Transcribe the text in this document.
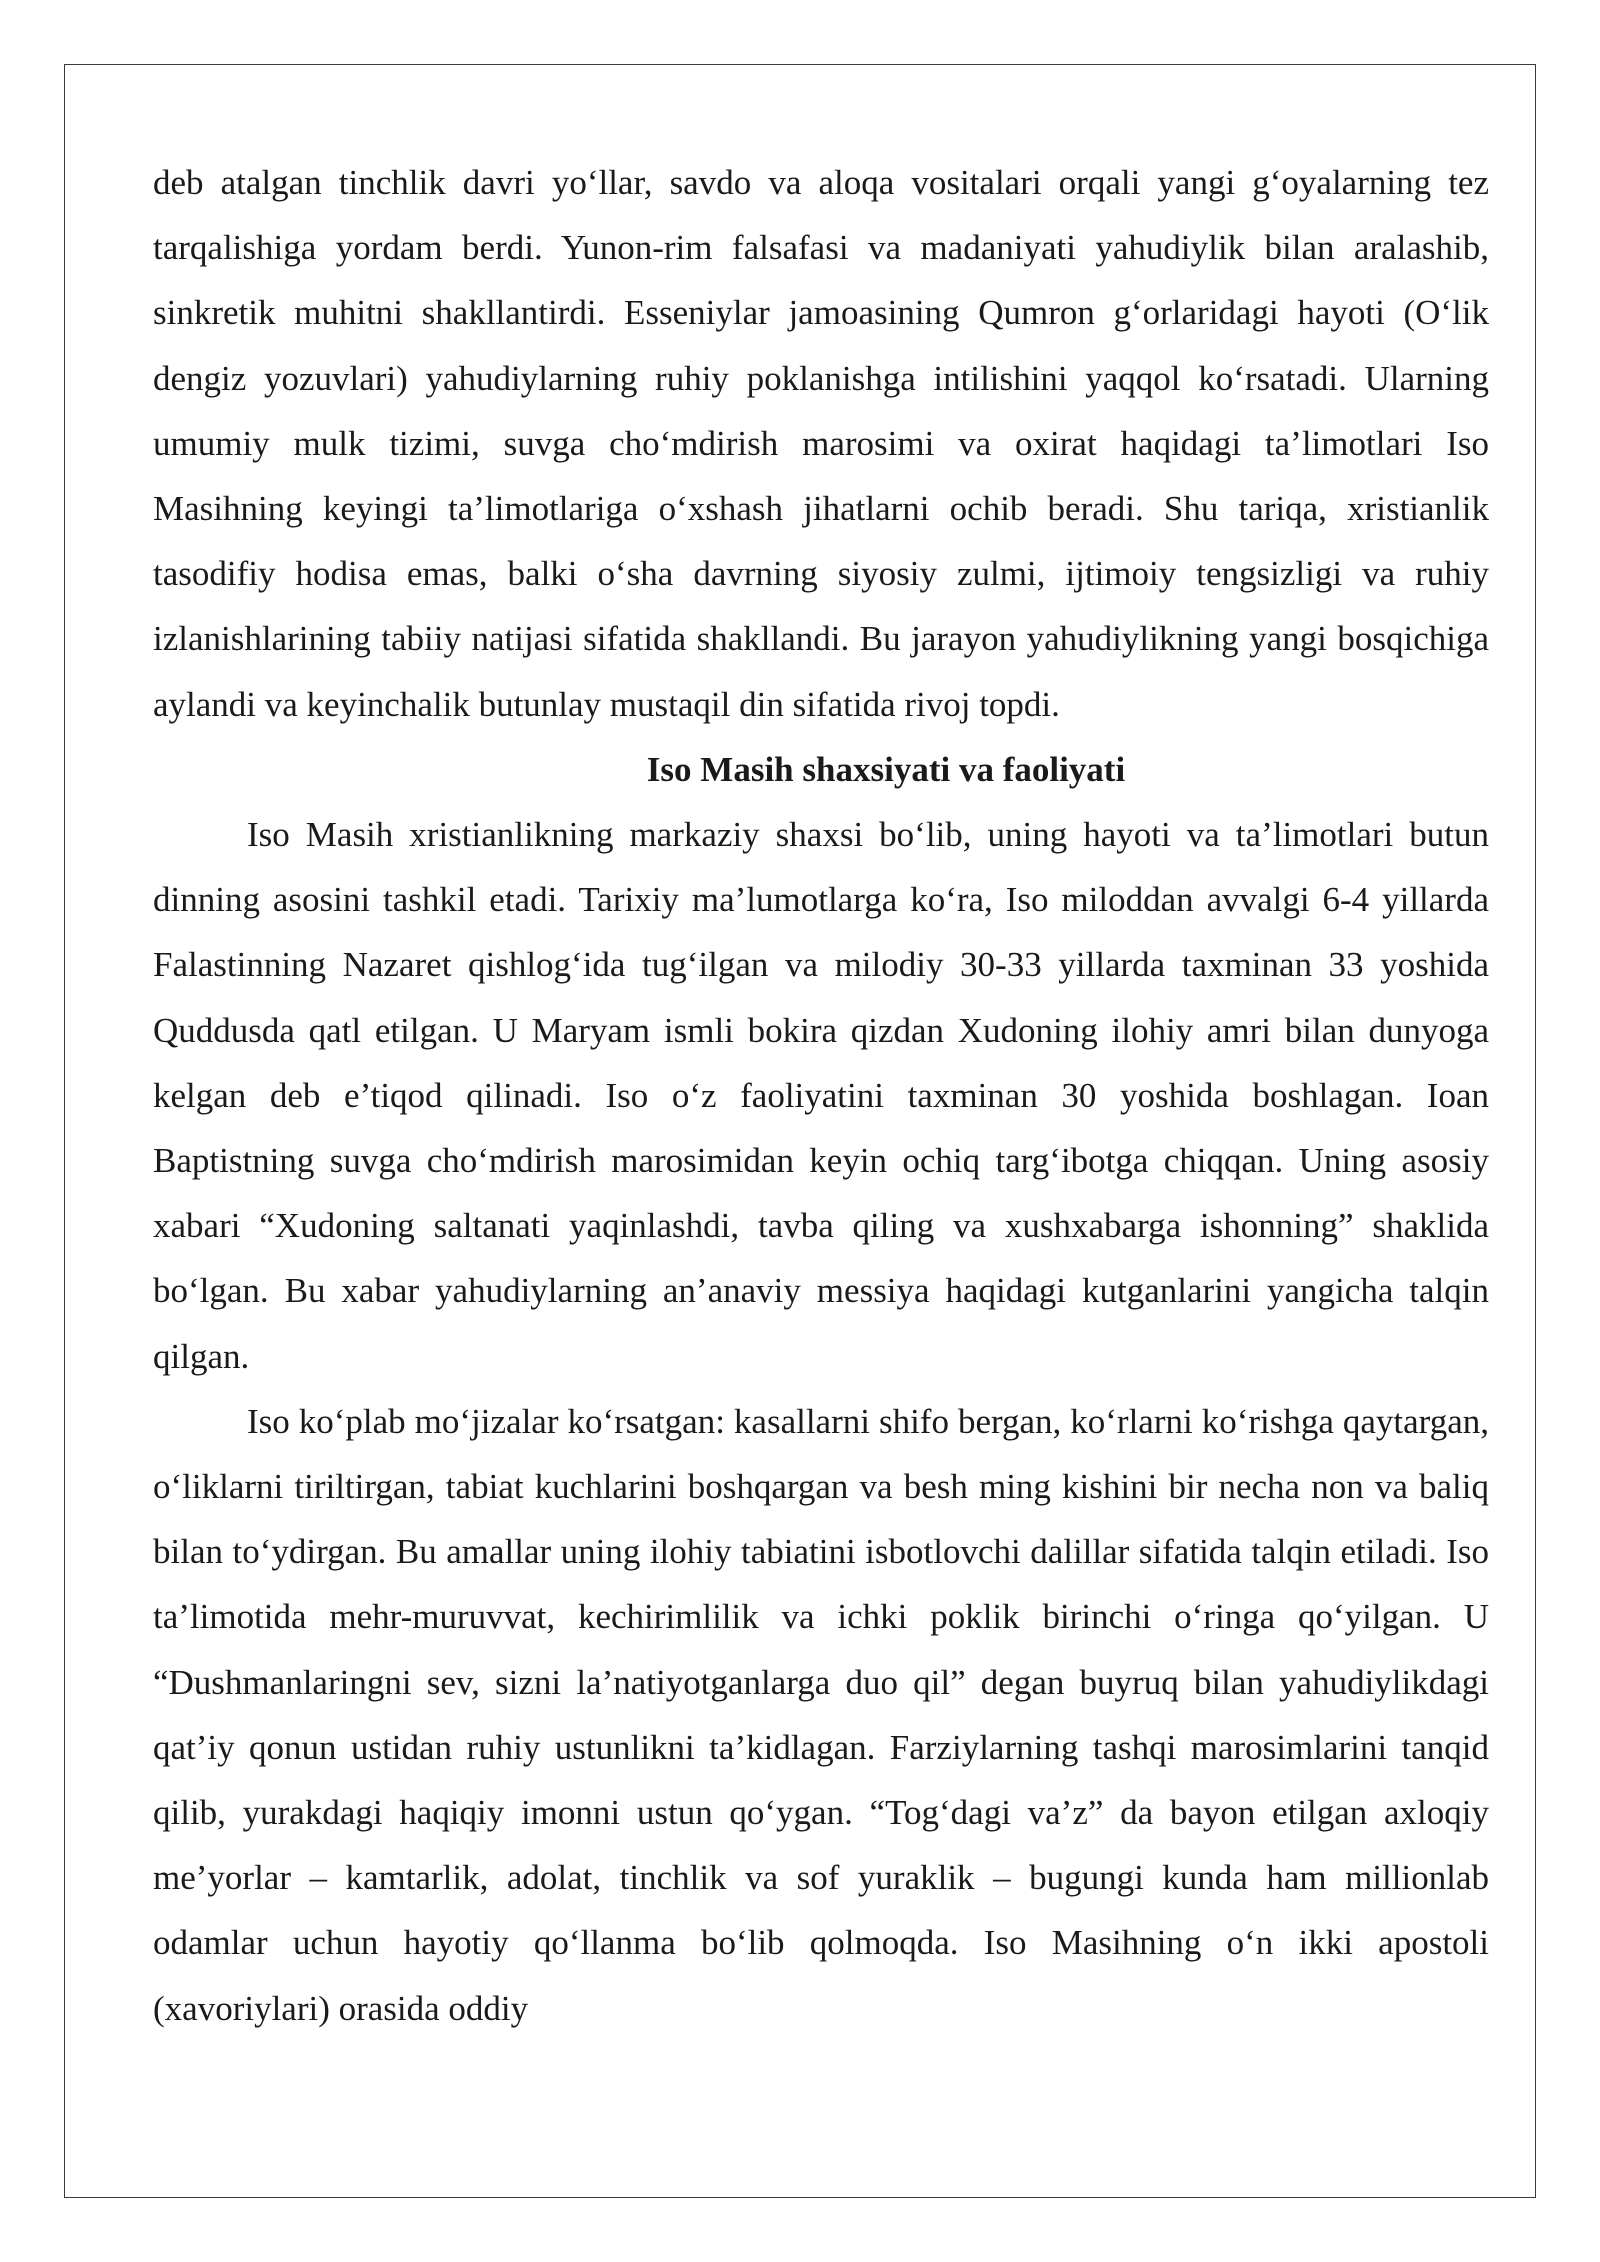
deb atalgan tinchlik davri yo‘llar, savdo va aloqa vositalari orqali yangi g‘oyalarning tez tarqalishiga yordam berdi. Yunon-rim falsafasi va madaniyati yahudiylik bilan aralashib, sinkretik muhitni shakllantirdi. Esseniylar jamoasining Qumron g‘orlaridagi hayoti (O‘lik dengiz yozuvlari) yahudiylarning ruhiy poklanishga intilishini yaqqol ko‘rsatadi. Ularning umumiy mulk tizimi, suvga cho‘mdirish marosimi va oxirat haqidagi ta’limotlari Iso Masihning keyingi ta’limotlariga o‘xshash jihatlarni ochib beradi. Shu tariqa, xristianlik tasodifiy hodisa emas, balki o‘sha davrning siyosiy zulmi, ijtimoiy tengsizligi va ruhiy izlanishlarining tabiiy natijasi sifatida shakllandi. Bu jarayon yahudiylikning yangi bosqichiga aylandi va keyinchalik butunlay mustaqil din sifatida rivoj topdi.

Iso Masih shaxsiyati va faoliyati

Iso Masih xristianlikning markaziy shaxsi bo‘lib, uning hayoti va ta’limotlari butun dinning asosini tashkil etadi. Tarixiy ma’lumotlarga ko‘ra, Iso miloddan avvalgi 6-4 yillarda Falastinning Nazaret qishlog‘ida tug‘ilgan va milodiy 30-33 yillarda taxminan 33 yoshida Quddusda qatl etilgan. U Maryam ismli bokira qizdan Xudoning ilohiy amri bilan dunyoga kelgan deb e’tiqod qilinadi. Iso o‘z faoliyatini taxminan 30 yoshida boshlagan. Ioan Baptistning suvga cho‘mdirish marosimidan keyin ochiq targ‘ibotga chiqqan. Uning asosiy xabari “Xudoning saltanati yaqinlashdi, tavba qiling va xushxabarga ishonning” shaklida bo‘lgan. Bu xabar yahudiylarning an’anaviy messiya haqidagi kutganlarini yangicha talqin qilgan.

Iso ko‘plab mo‘jizalar ko‘rsatgan: kasallarni shifo bergan, ko‘rlarni ko‘rishga qaytargan, o‘liklarni tiriltirgan, tabiat kuchlarini boshqargan va besh ming kishini bir necha non va baliq bilan to‘ydirgan. Bu amallar uning ilohiy tabiatini isbotlovchi dalillar sifatida talqin etiladi. Iso ta’limotida mehr-muruvvat, kechirimlilik va ichki poklik birinchi o‘ringa qo‘yilgan. U “Dushmanlaringni sev, sizni la’natiyotganlarga duo qil” degan buyruq bilan yahudiylikdagi qat’iy qonun ustidan ruhiy ustunlikni ta’kidlagan. Farziylarning tashqi marosimlarini tanqid qilib, yurakdagi haqiqiy imonni ustun qo‘ygan. “Tog‘dagi va’z” da bayon etilgan axloqiy me’yorlar – kamtarlik, adolat, tinchlik va sof yuraklik – bugungi kunda ham millionlab odamlar uchun hayotiy qo‘llanma bo‘lib qolmoqda. Iso Masihning o‘n ikki apostoli (xavoriylari) orasida oddiy
